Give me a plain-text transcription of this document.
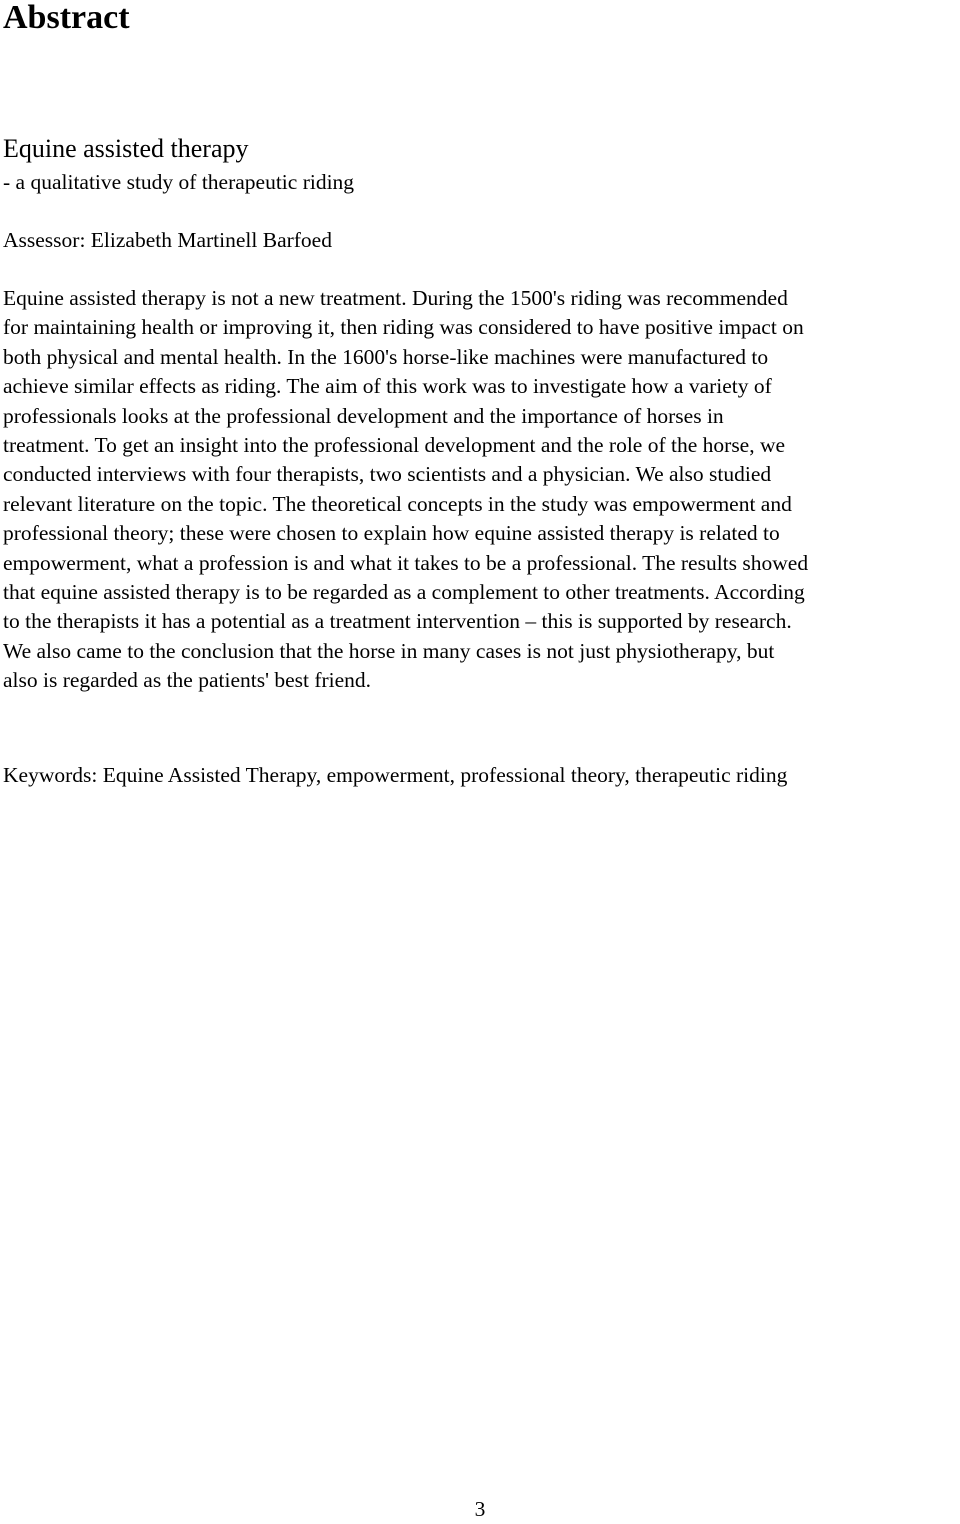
Abstract
Equine assisted therapy
- a qualitative study of therapeutic riding
Assessor: Elizabeth Martinell Barfoed
Equine assisted therapy is not a new treatment. During the 1500's riding was recommended
for maintaining health or improving it, then riding was considered to have positive impact on
both physical and mental health. In the 1600's horse-like machines were manufactured to
achieve similar effects as riding. The aim of this work was to investigate how a variety of
professionals looks at the professional development and the importance of horses in
treatment. To get an insight into the professional development and the role of the horse, we
conducted interviews with four therapists, two scientists and a physician. We also studied
relevant literature on the topic. The theoretical concepts in the study was empowerment and
professional theory; these were chosen to explain how equine assisted therapy is related to
empowerment, what a profession is and what it takes to be a professional. The results showed
that equine assisted therapy is to be regarded as a complement to other treatments. According
to the therapists it has a potential as a treatment intervention – this is supported by research.
We also came to the conclusion that the horse in many cases is not just physiotherapy, but
also is regarded as the patients' best friend.
Keywords: Equine Assisted Therapy, empowerment, professional theory, therapeutic riding
3
